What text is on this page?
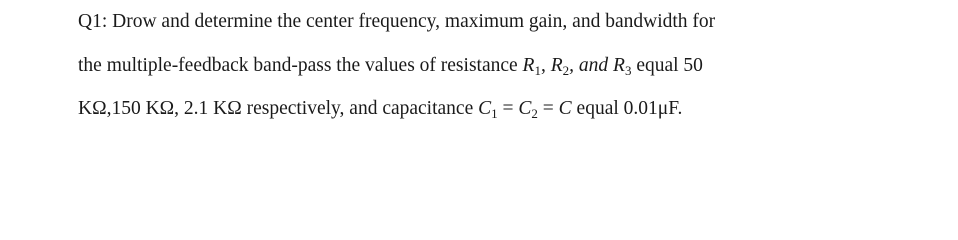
Q1: Drow and determine the center frequency, maximum gain, and bandwidth for
the multiple-feedback band-pass the values of resistance $R_1$, $R_2$, and $R_3$ equal 50
KΩ,150 KΩ, 2.1 KΩ respectively, and capacitance $C_1 = C_2 = C$ equal 0.01μF.
